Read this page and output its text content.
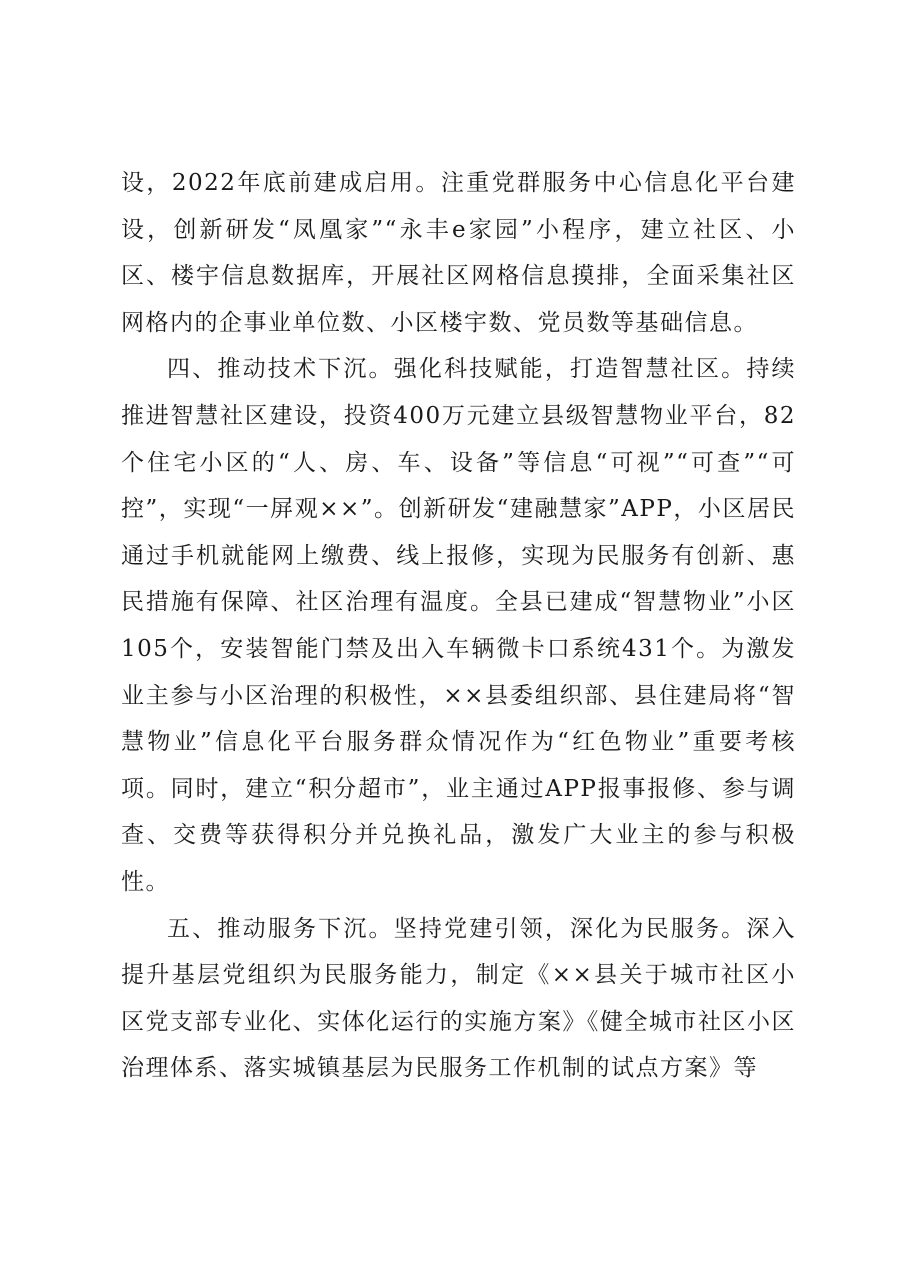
设，2022年底前建成启用。注重党群服务中心信息化平台建设，创新研发“凤凰家”“永丰e家园”小程序，建立社区、小区、楼宇信息数据库，开展社区网格信息摸排，全面采集社区网格内的企事业单位数、小区楼宇数、党员数等基础信息。

四、推动技术下沉。强化科技赋能，打造智慧社区。持续推进智慧社区建设，投资400万元建立县级智慧物业平台，82个住宅小区的“人、房、车、设备”等信息“可视”“可查”“可控”，实现“一屏观××”。创新研发“建融慧家”APP，小区居民通过手机就能网上缴费、线上报修，实现为民服务有创新、惠民措施有保障、社区治理有温度。全县已建成“智慧物业”小区105个，安装智能门禁及出入车辆微卡口系统431个。为激发业主参与小区治理的积极性，××县委组织部、县住建局将“智慧物业”信息化平台服务群众情况作为“红色物业”重要考核项。同时，建立“积分超市”，业主通过APP报事报修、参与调查、交费等获得积分并兑换礼品，激发广大业主的参与积极性。

五、推动服务下沉。坚持党建引领，深化为民服务。深入提升基层党组织为民服务能力，制定《××县关于城市社区小区党支部专业化、实体化运行的实施方案》《健全城市社区小区治理体系、落实城镇基层为民服务工作机制的试点方案》等
